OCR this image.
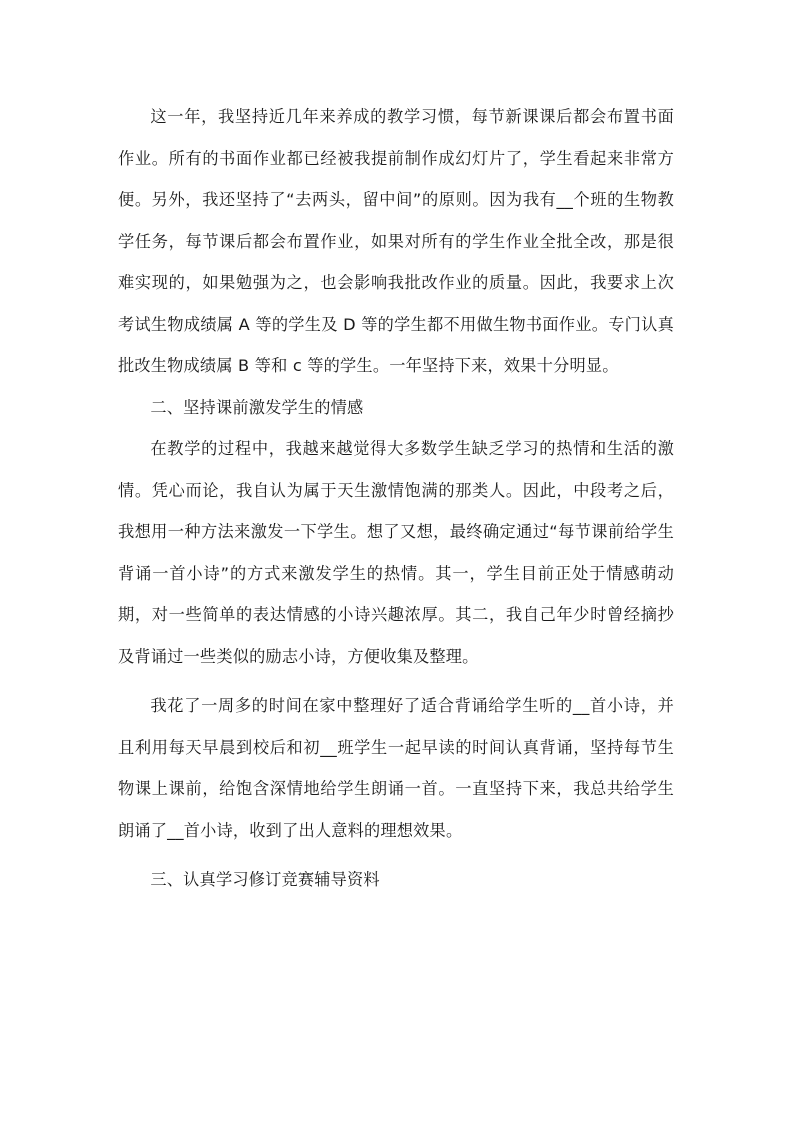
这一年，我坚持近几年来养成的教学习惯，每节新课课后都会布置书面作业。所有的书面作业都已经被我提前制作成幻灯片了，学生看起来非常方便。另外，我还坚持了“去两头，留中间”的原则。因为我有__个班的生物教学任务，每节课后都会布置作业，如果对所有的学生作业全批全改，那是很难实现的，如果勉强为之，也会影响我批改作业的质量。因此，我要求上次考试生物成绩属 A 等的学生及 D 等的学生都不用做生物书面作业。专门认真批改生物成绩属 B 等和 c 等的学生。一年坚持下来，效果十分明显。

二、坚持课前激发学生的情感

在教学的过程中，我越来越觉得大多数学生缺乏学习的热情和生活的激情。凭心而论，我自认为属于天生激情饱满的那类人。因此，中段考之后，我想用一种方法来激发一下学生。想了又想，最终确定通过“每节课前给学生背诵一首小诗”的方式来激发学生的热情。其一，学生目前正处于情感萌动期，对一些简单的表达情感的小诗兴趣浓厚。其二，我自己年少时曾经摘抄及背诵过一些类似的励志小诗，方便收集及整理。

我花了一周多的时间在家中整理好了适合背诵给学生听的__首小诗，并且利用每天早晨到校后和初__班学生一起早读的时间认真背诵，坚持每节生物课上课前，给饱含深情地给学生朗诵一首。一直坚持下来，我总共给学生朗诵了__首小诗，收到了出人意料的理想效果。

三、认真学习修订竞赛辅导资料
